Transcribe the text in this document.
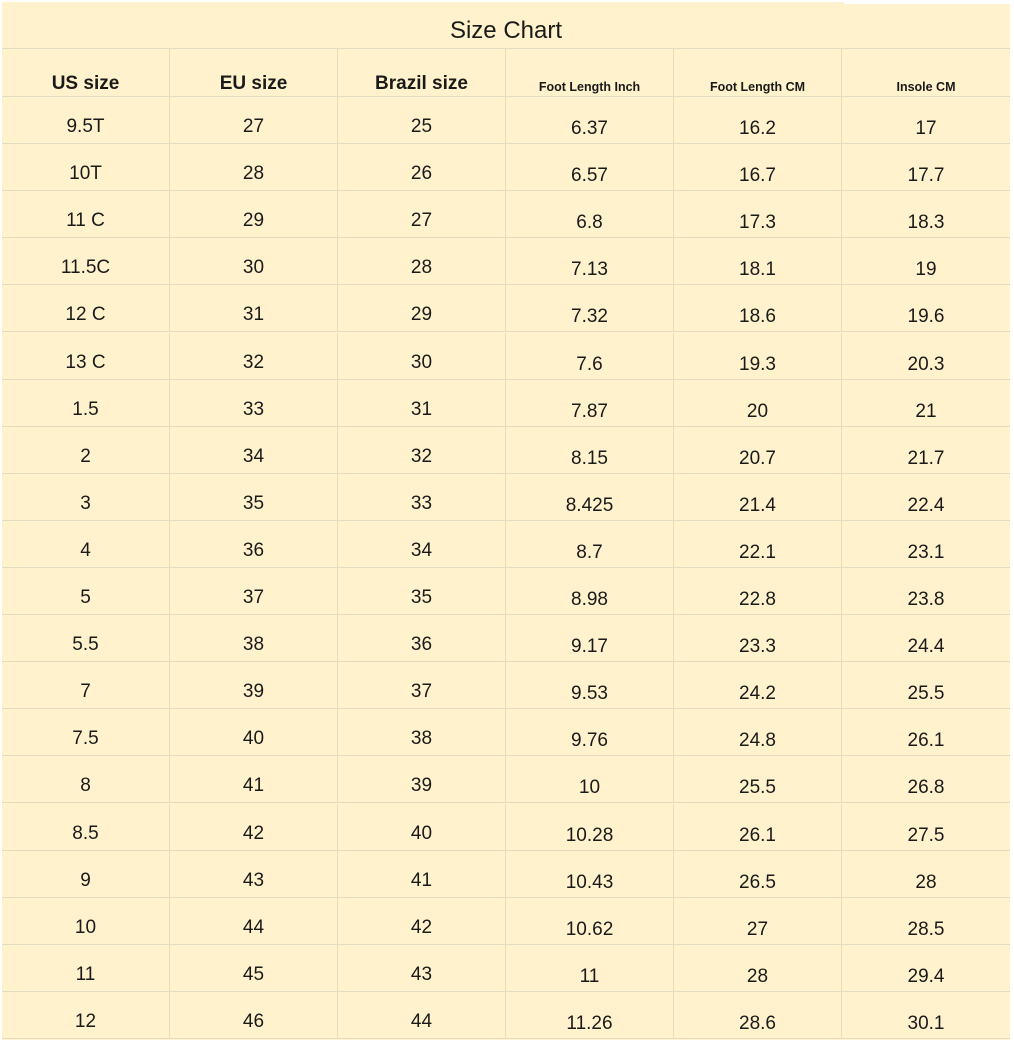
Size Chart
US size	EU size	Brazil size	Foot Length Inch	Foot Length CM	Insole CM
9.5T	27	25	6.37	16.2	17
10T	28	26	6.57	16.7	17.7
11 C	29	27	6.8	17.3	18.3
11.5C	30	28	7.13	18.1	19
12 C	31	29	7.32	18.6	19.6
13 C	32	30	7.6	19.3	20.3
1.5	33	31	7.87	20	21
2	34	32	8.15	20.7	21.7
3	35	33	8.425	21.4	22.4
4	36	34	8.7	22.1	23.1
5	37	35	8.98	22.8	23.8
5.5	38	36	9.17	23.3	24.4
7	39	37	9.53	24.2	25.5
7.5	40	38	9.76	24.8	26.1
8	41	39	10	25.5	26.8
8.5	42	40	10.28	26.1	27.5
9	43	41	10.43	26.5	28
10	44	42	10.62	27	28.5
11	45	43	11	28	29.4
12	46	44	11.26	28.6	30.1
